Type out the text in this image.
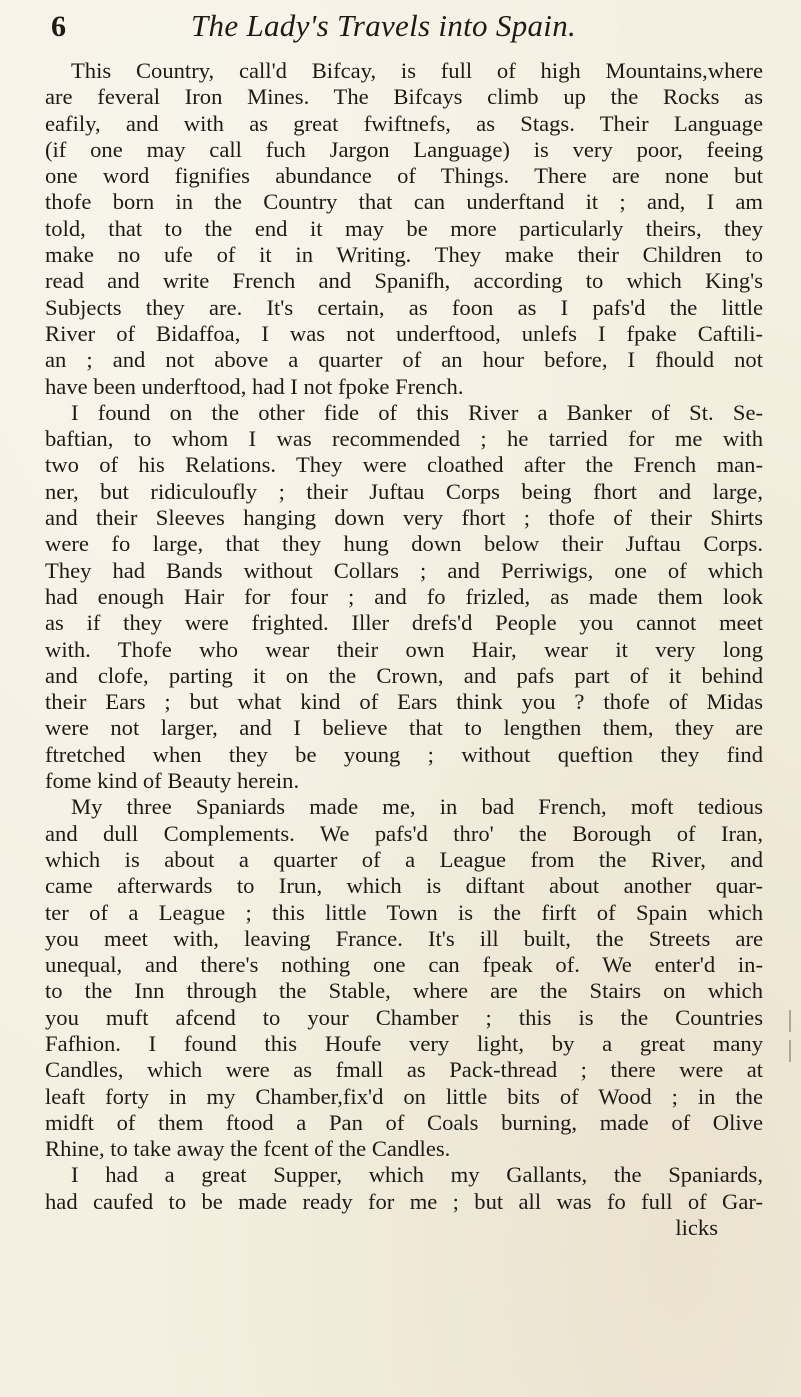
6	The Lady's Travels into Spain.
This Country, call'd Bifcay, is full of high Mountains,where
are feveral Iron Mines. The Bifcays climb up the Rocks as
eafily, and with as great fwiftnefs, as Stags. Their Language
(if one may call fuch Jargon Language) is very poor, feeing
one word fignifies abundance of Things. There are none but
thofe born in the Country that can underftand it ; and, I am
told, that to the end it may be more particularly theirs, they
make no ufe of it in Writing. They make their Children to
read and write French and Spanifh, according to which King's
Subjects they are. It's certain, as foon as I pafs'd the little
River of Bidaffoa, I was not underftood, unlefs I fpake Caftili-
an ; and not above a quarter of an hour before, I fhould not
have been underftood, had I not fpoke French.
I found on the other fide of this River a Banker of St. Se-
baftian, to whom I was recommended ; he tarried for me with
two of his Relations. They were cloathed after the French man-
ner, but ridiculoufly ; their Juftau Corps being fhort and large,
and their Sleeves hanging down very fhort ; thofe of their Shirts
were fo large, that they hung down below their Juftau Corps.
They had Bands without Collars ; and Perriwigs, one of which
had enough Hair for four ; and fo frizled, as made them look
as if they were frighted. Iller drefs'd People you cannot meet
with. Thofe who wear their own Hair, wear it very long
and clofe, parting it on the Crown, and pafs part of it behind
their Ears ; but what kind of Ears think you ? thofe of Midas
were not larger, and I believe that to lengthen them, they are
ftretched when they be young ; without queftion they find
fome kind of Beauty herein.
My three Spaniards made me, in bad French, moft tedious
and dull Complements. We pafs'd thro' the Borough of Iran,
which is about a quarter of a League from the River, and
came afterwards to Irun, which is diftant about another quar-
ter of a League ; this little Town is the firft of Spain which
you meet with, leaving France. It's ill built, the Streets are
unequal, and there's nothing one can fpeak of. We enter'd in-
to the Inn through the Stable, where are the Stairs on which
you muft afcend to your Chamber ; this is the Countries
Fafhion. I found this Houfe very light, by a great many
Candles, which were as fmall as Pack-thread ; there were at
leaft forty in my Chamber,fix'd on little bits of Wood ; in the
midft of them ftood a Pan of Coals burning, made of Olive
Rhine, to take away the fcent of the Candles.
I had a great Supper, which my Gallants, the Spaniards,
had caufed to be made ready for me ; but all was fo full of Gar-
licks
